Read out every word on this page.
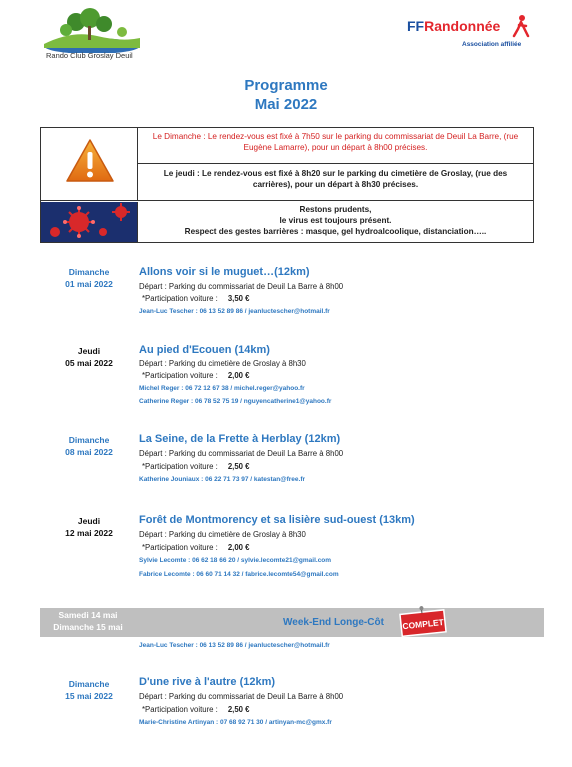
Rando Club Groslay Deuil
FFRandonnée
Association affiliée
Programme
Mai 2022
Le Dimanche : Le rendez-vous est fixé à 7h50 sur le parking du commissariat de Deuil La Barre, (rue Eugène Lamarre), pour un départ à 8h00 précises.
Le jeudi : Le rendez-vous est fixé à 8h20 sur le parking du cimetière de Groslay, (rue des carrières), pour un départ à 8h30 précises.
Restons prudents,
le virus est toujours présent.
Respect des gestes barrières : masque, gel hydroalcoolique, distanciation…..
Dimanche
01 mai 2022
Allons voir si le muguet…(12km)
Départ : Parking du commissariat de Deuil La Barre à 8h00
*Participation voiture : 3,50 €
Jean-Luc Tescher : 06 13 52 89 86 / jeanluctescher@hotmail.fr
Jeudi
05 mai 2022
Au pied d'Ecouen (14km)
Départ : Parking du cimetière de Groslay à 8h30
*Participation voiture : 2,00 €
Michel Reger : 06 72 12 67 38 / michel.reger@yahoo.fr
Catherine Reger : 06 78 52 75 19 / nguyencatherine1@yahoo.fr
Dimanche
08 mai 2022
La Seine, de la Frette à Herblay (12km)
Départ : Parking du commissariat de Deuil La Barre à 8h00
*Participation voiture : 2,50 €
Katherine Jouniaux : 06 22 71 73 97 / katestan@free.fr
Jeudi
12 mai 2022
Forêt de Montmorency et sa lisière sud-ouest (13km)
Départ : Parking du cimetière de Groslay à 8h30
*Participation voiture : 2,00 €
Sylvie Lecomte : 06 62 18 66 20 / sylvie.lecomte21@gmail.com
Fabrice Lecomte : 06 60 71 14 32 / fabrice.lecomte54@gmail.com
Samedi 14 mai
Dimanche 15 mai	Week-End Longe-Côt COMPLET
Jean-Luc Tescher : 06 13 52 89 86 / jeanluctescher@hotmail.fr
Dimanche
15 mai 2022
D'une rive à l'autre (12km)
Départ : Parking du commissariat de Deuil La Barre à 8h00
*Participation voiture : 2,50 €
Marie-Christine Artinyan : 07 68 92 71 30 / artinyan-mc@gmx.fr
